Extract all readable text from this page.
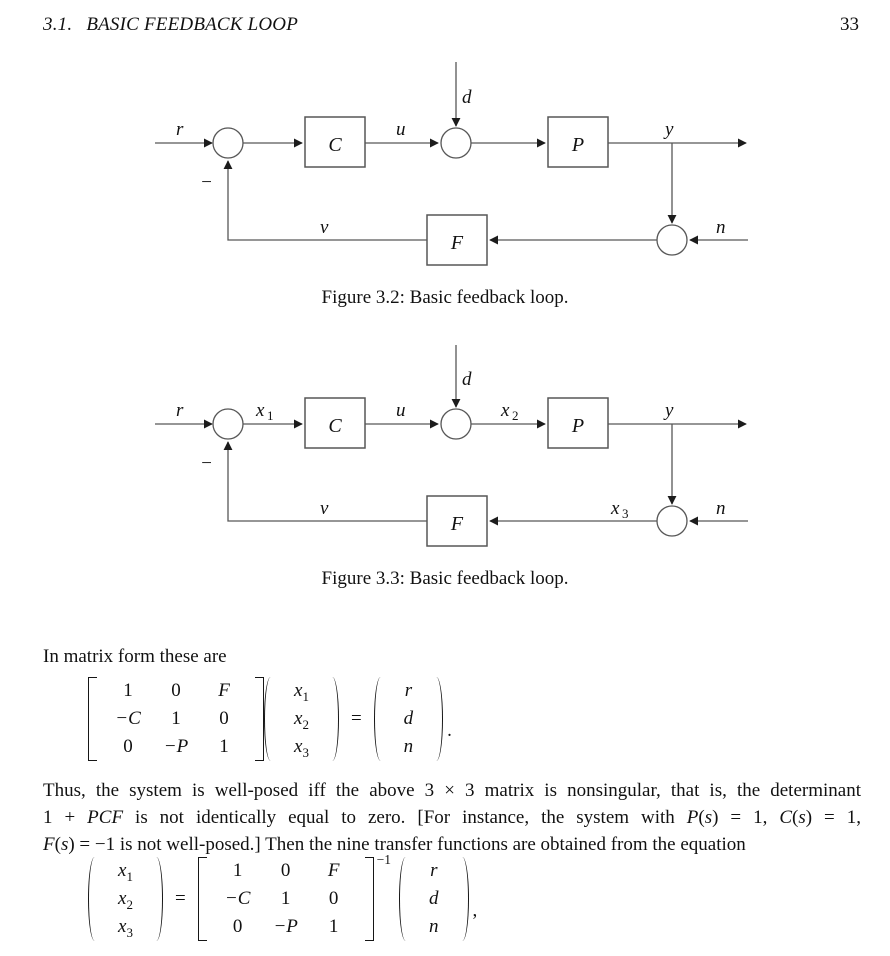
3.1. BASIC FEEDBACK LOOP	33
r
−
C
u
d
P
y
n
F
v
r
−
x 1	C
u
d
x 2	P
y
n
x 3
F
v
Figure 3.2: Basic feedback loop.
Figure 3.3: Basic feedback loop.
In matrix form these are
1 0 F
−C 1 0
0 −P 1
$x_1$
$x_2$
$x_3$
=
r
d
n
.
Thus, the system is well-posed iff the above 3 × 3 matrix is nonsingular, that is, the determinant
1 + PCF is not identically equal to zero. [For instance, the system with P(s) = 1, C(s) = 1,
F(s) = −1 is not well-posed.] Then the nine transfer functions are obtained from the equation
$x_1$
$x_2$
$x_3$
=
1 0 F
−C 1 0
0 −P 1
−1
r
d
n
,
